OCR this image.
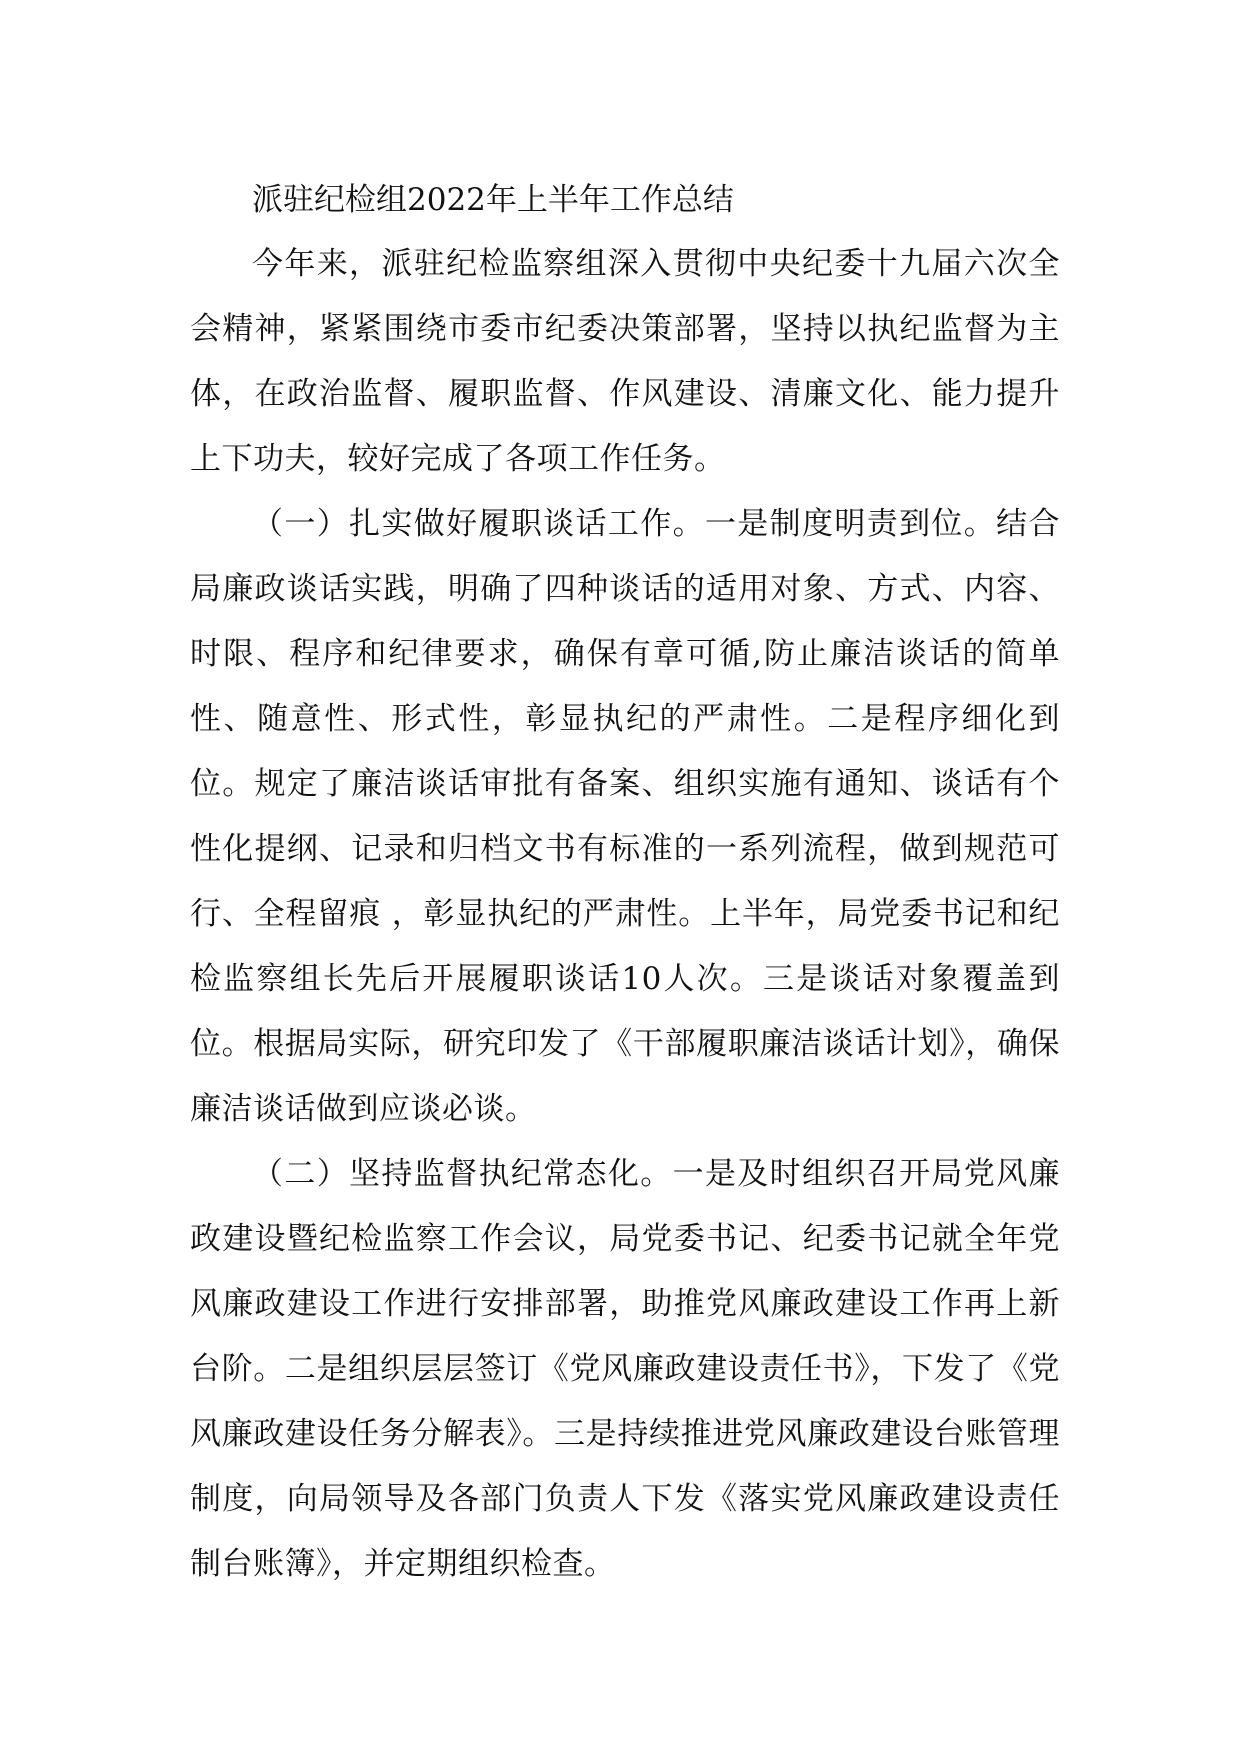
派驻纪检组2022年上半年工作总结

今年来，派驻纪检监察组深入贯彻中央纪委十九届六次全会精神，紧紧围绕市委市纪委决策部署，坚持以执纪监督为主体，在政治监督、履职监督、作风建设、清廉文化、能力提升上下功夫，较好完成了各项工作任务。

（一）扎实做好履职谈话工作。一是制度明责到位。结合局廉政谈话实践，明确了四种谈话的适用对象、方式、内容、时限、程序和纪律要求，确保有章可循,防止廉洁谈话的简单性、随意性、形式性，彰显执纪的严肃性。二是程序细化到位。规定了廉洁谈话审批有备案、组织实施有通知、谈话有个性化提纲、记录和归档文书有标准的一系列流程，做到规范可行、全程留痕 ，彰显执纪的严肃性。上半年，局党委书记和纪检监察组长先后开展履职谈话10人次。三是谈话对象覆盖到位。根据局实际，研究印发了《干部履职廉洁谈话计划》，确保廉洁谈话做到应谈必谈。

（二）坚持监督执纪常态化。一是及时组织召开局党风廉政建设暨纪检监察工作会议，局党委书记、纪委书记就全年党风廉政建设工作进行安排部署，助推党风廉政建设工作再上新台阶。二是组织层层签订《党风廉政建设责任书》，下发了《党风廉政建设任务分解表》。三是持续推进党风廉政建设台账管理制度，向局领导及各部门负责人下发《落实党风廉政建设责任制台账簿》，并定期组织检查。
